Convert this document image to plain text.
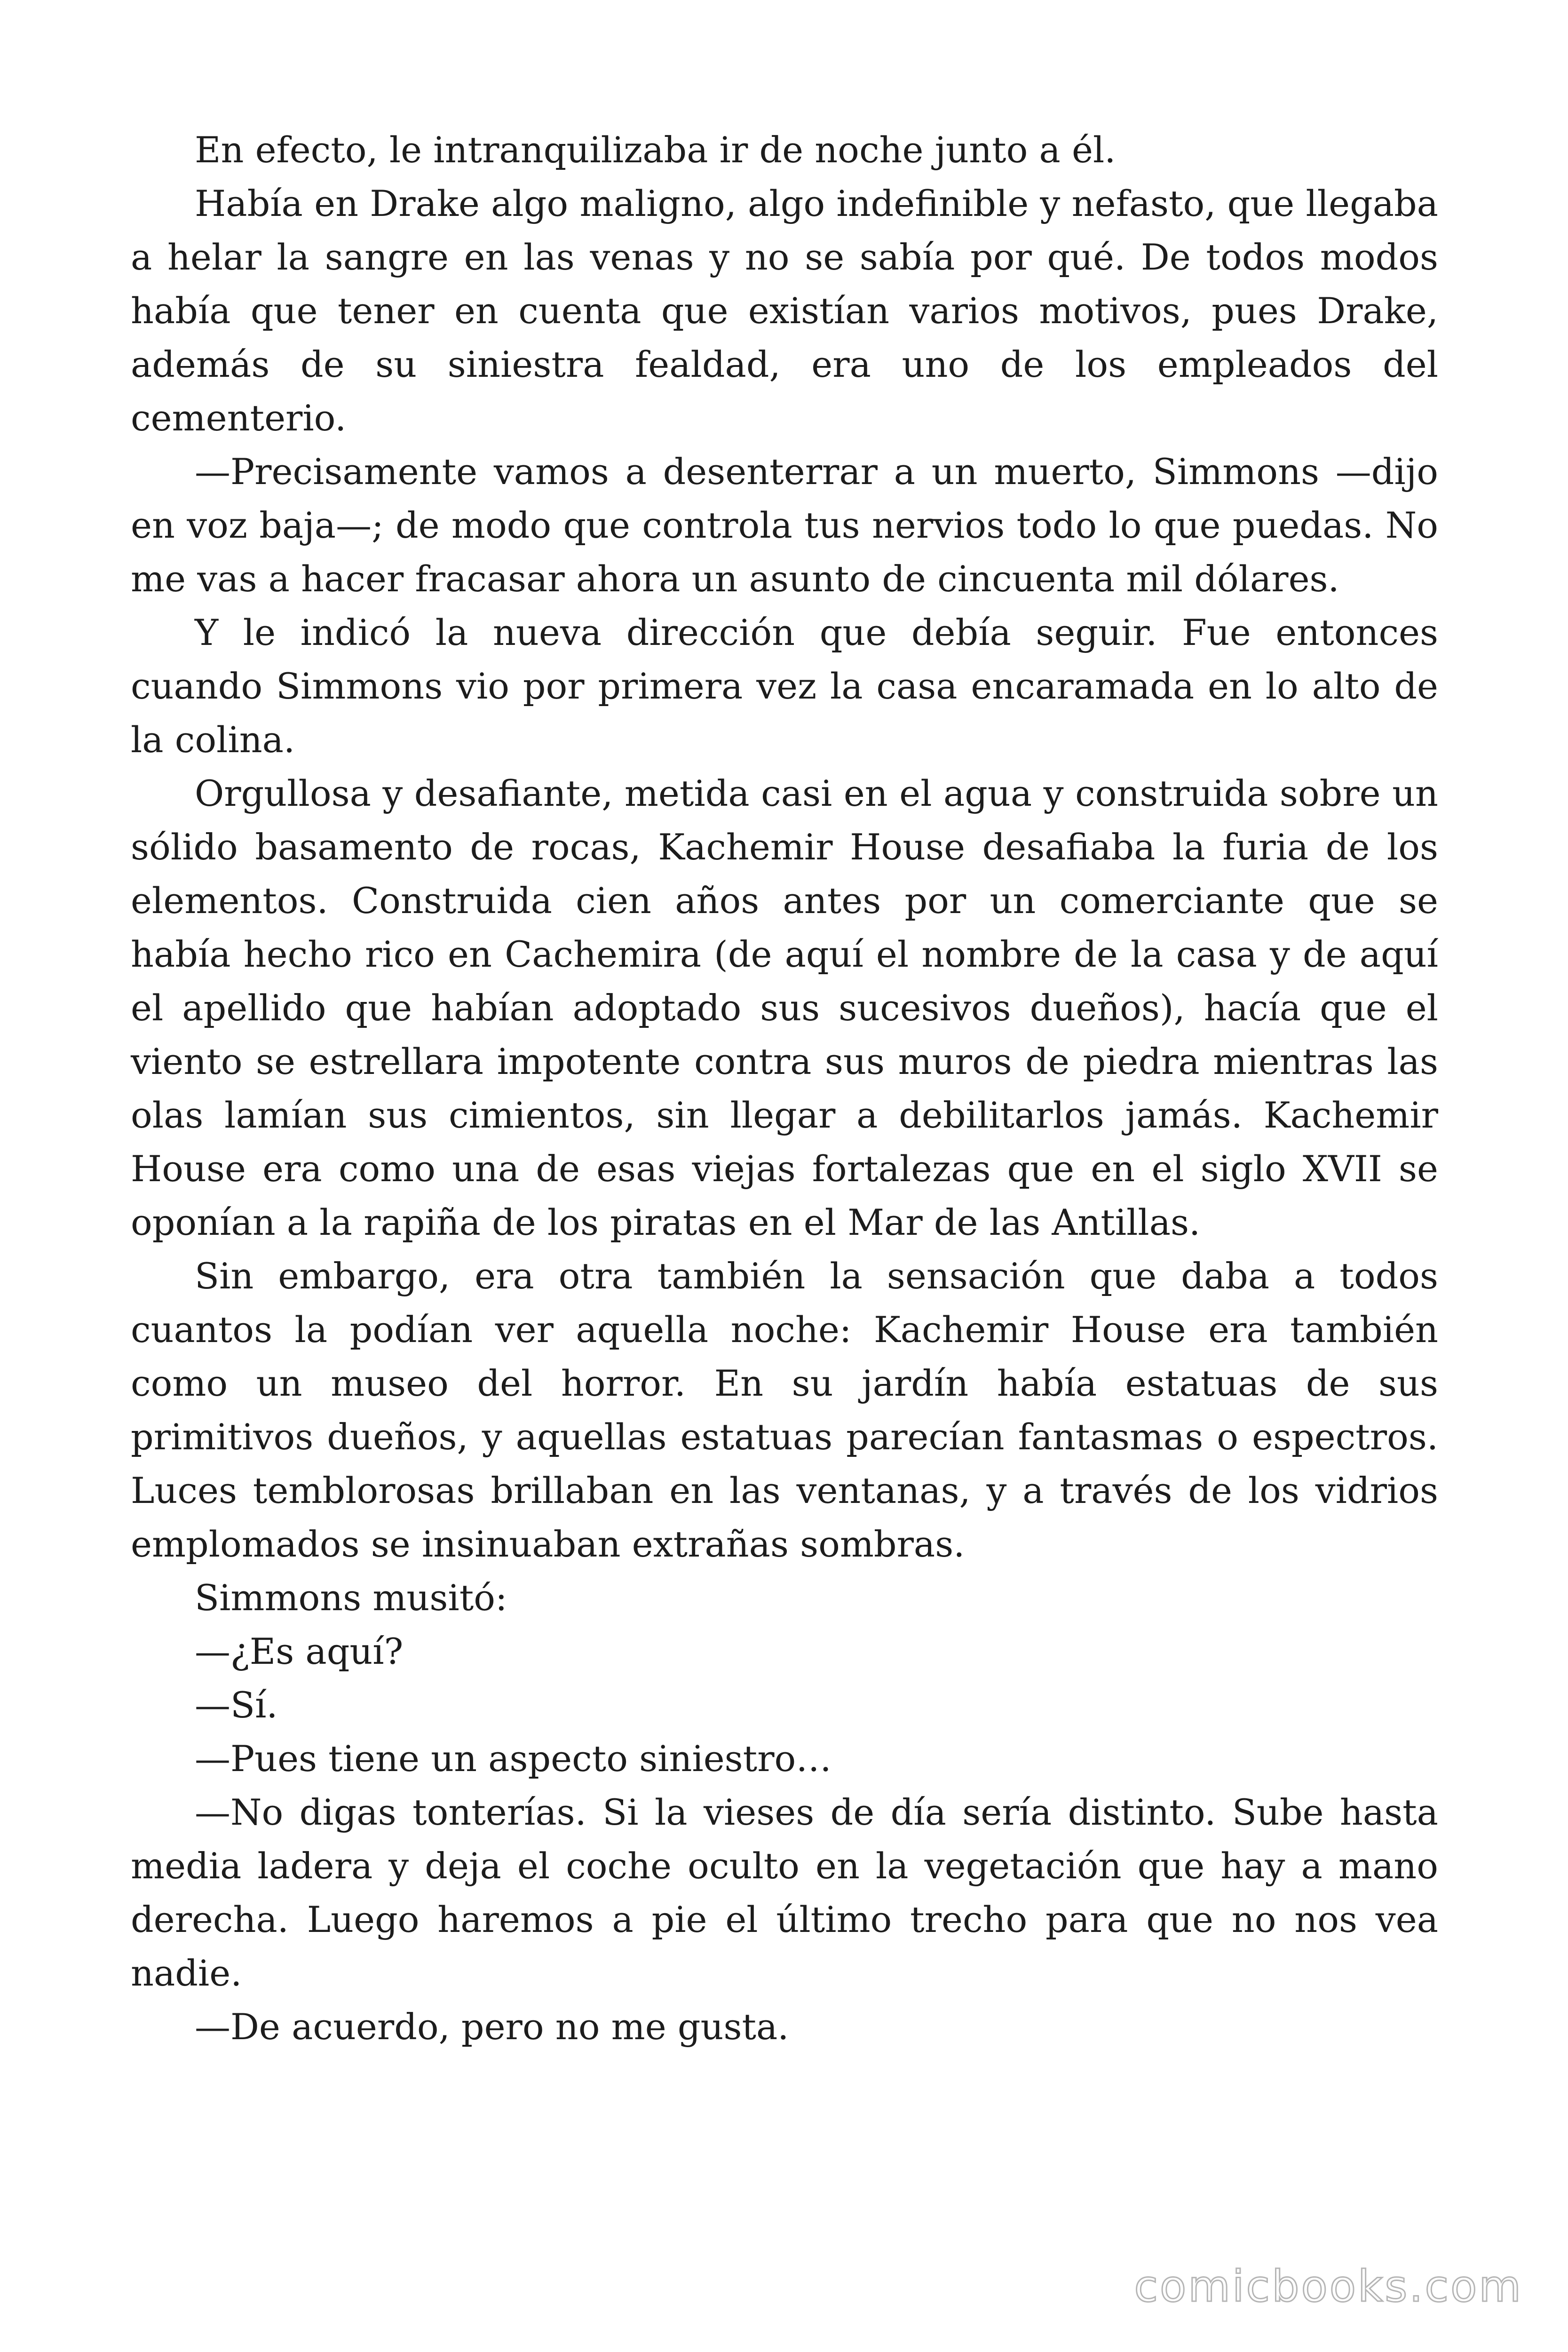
En efecto, le intranquilizaba ir de noche junto a él.

Había en Drake algo maligno, algo indefinible y nefasto, que llegaba a helar la sangre en las venas y no se sabía por qué. De todos modos había que tener en cuenta que existían varios motivos, pues Drake, además de su siniestra fealdad, era uno de los empleados del cementerio.

—Precisamente vamos a desenterrar a un muerto, Simmons —dijo en voz baja—; de modo que controla tus nervios todo lo que puedas. No me vas a hacer fracasar ahora un asunto de cincuenta mil dólares.

Y le indicó la nueva dirección que debía seguir. Fue entonces cuando Simmons vio por primera vez la casa encaramada en lo alto de la colina.

Orgullosa y desafiante, metida casi en el agua y construida sobre un sólido basamento de rocas, Kachemir House desafiaba la furia de los elementos. Construida cien años antes por un comerciante que se había hecho rico en Cachemira (de aquí el nombre de la casa y de aquí el apellido que habían adoptado sus sucesivos dueños), hacía que el viento se estrellara impotente contra sus muros de piedra mientras las olas lamían sus cimientos, sin llegar a debilitarlos jamás. Kachemir House era como una de esas viejas fortalezas que en el siglo XVII se oponían a la rapiña de los piratas en el Mar de las Antillas.

Sin embargo, era otra también la sensación que daba a todos cuantos la podían ver aquella noche: Kachemir House era también como un museo del horror. En su jardín había estatuas de sus primitivos dueños, y aquellas estatuas parecían fantasmas o espectros. Luces temblorosas brillaban en las ventanas, y a través de los vidrios emplomados se insinuaban extrañas sombras.

Simmons musitó:

—¿Es aquí?

—Sí.

—Pues tiene un aspecto siniestro…

—No digas tonterías. Si la vieses de día sería distinto. Sube hasta media ladera y deja el coche oculto en la vegetación que hay a mano derecha. Luego haremos a pie el último trecho para que no nos vea nadie.

—De acuerdo, pero no me gusta.

comicbooks.com
